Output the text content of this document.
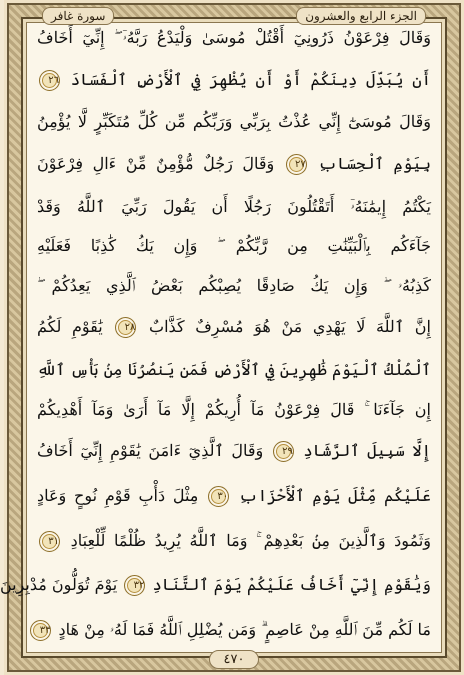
الجزء الرابع والعشرون
سورة غافر
وَقَالَ فِرْعَوْنُ ذَرُونِيٓ أَقْتُلْ مُوسَىٰ وَلْيَدْعُ رَبَّهُۥٓ ۖ إِنِّيٓ أَخَافُ
أَن يُبَدِّلَ دِينَكُمْ أَوْ أَن يُظْهِرَ فِي ٱلْأَرْضِ ٱلْفَسَادَ ٢٦
وَقَالَ مُوسَىٰٓ إِنِّي عُذْتُ بِرَبِّي وَرَبِّكُم مِّن كُلِّ مُتَكَبِّرٍ لَّا يُؤْمِنُ
بِيَوْمِ ٱلْحِسَابِ ٢٧ وَقَالَ رَجُلٌ مُّؤْمِنٌ مِّنْ ءَالِ فِرْعَوْنَ
يَكْتُمُ إِيمَٰنَهُۥٓ أَتَقْتُلُونَ رَجُلًا أَن يَقُولَ رَبِّيَ ٱللَّهُ وَقَدْ
جَآءَكُم بِٱلْبَيِّنَٰتِ مِن رَّبِّكُمْ ۖ وَإِن يَكُ كَٰذِبًا فَعَلَيْهِ
كَذِبُهُۥ ۖ وَإِن يَكُ صَادِقًا يُصِبْكُم بَعْضُ ٱلَّذِي يَعِدُكُمْ ۖ
إِنَّ ٱللَّهَ لَا يَهْدِي مَنْ هُوَ مُسْرِفٌ كَذَّابٌ ٢٨ يَٰقَوْمِ لَكُمُ
ٱلْمُلْكُ ٱلْيَوْمَ ظَٰهِرِينَ فِي ٱلْأَرْضِ فَمَن يَنصُرُنَا مِنۢ بَأْسِ ٱللَّهِ
إِن جَآءَنَا ۚ قَالَ فِرْعَوْنُ مَآ أُرِيكُمْ إِلَّا مَآ أَرَىٰ وَمَآ أَهْدِيكُمْ
إِلَّا سَبِيلَ ٱلرَّشَادِ ٢٩ وَقَالَ ٱلَّذِيٓ ءَامَنَ يَٰقَوْمِ إِنِّيٓ أَخَافُ
عَلَيْكُم مِّثْلَ يَوْمِ ٱلْأَحْزَابِ ٣٠ مِثْلَ دَأْبِ قَوْمِ نُوحٍ وَعَادٍ
وَثَمُودَ وَٱلَّذِينَ مِنۢ بَعْدِهِمْ ۚ وَمَا ٱللَّهُ يُرِيدُ ظُلْمًا لِّلْعِبَادِ ٣١
وَيَٰقَوْمِ إِنِّيٓ أَخَافُ عَلَيْكُمْ يَوْمَ ٱلتَّنَادِ ٣٢ يَوْمَ تُوَلُّونَ مُدْبِرِينَ
مَا لَكُم مِّنَ ٱللَّهِ مِنْ عَاصِمٍ ۗ وَمَن يُضْلِلِ ٱللَّهُ فَمَا لَهُۥ مِنْ هَادٍ ٣٣
٤٧٠
